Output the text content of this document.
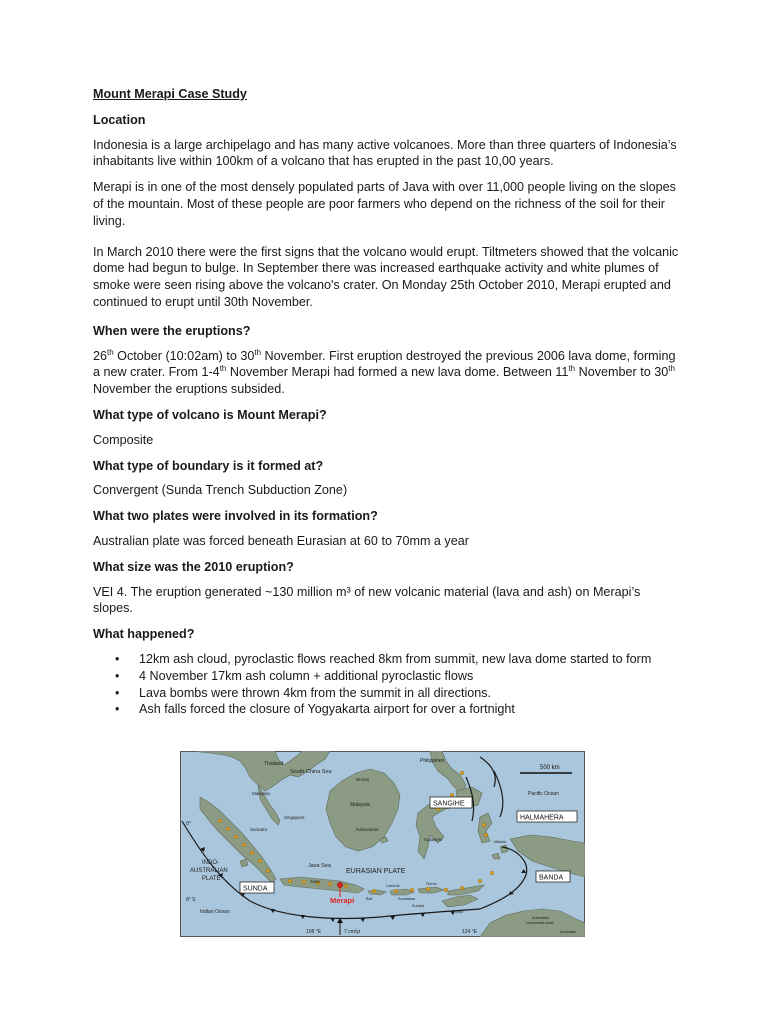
Mount Merapi Case Study
Location

Indonesia is a large archipelago and has many active volcanoes. More than three quarters of Indonesia’s inhabitants live within 100km of a volcano that has erupted in the past 10,00 years.

Merapi is in one of the most densely populated parts of Java with over 11,000 people living on the slopes of the mountain. Most of these people are poor farmers who depend on the richness of the soil for their living.

In March 2010 there were the first signs that the volcano would erupt. Tiltmeters showed that the volcanic dome had begun to bulge. In September there was increased earthquake activity and white plumes of smoke were seen rising above the volcano's crater. On Monday 25th October 2010, Merapi erupted and continued to erupt until 30th November.

When were the eruptions?

26th October (10:02am) to 30th November. First eruption destroyed the previous 2006 lava dome, forming a new crater. From 1-4th November Merapi had formed a new lava dome. Between 11th November to 30th November the eruptions subsided.

What type of volcano is Mount Merapi?

Composite

What type of boundary is it formed at?

Convergent (Sunda Trench Subduction Zone)

What two plates were involved in its formation?

Australian plate was forced beneath Eurasian at 60 to 70mm a year

What size was the 2010 eruption?

VEI 4. The eruption generated ~130 million m³ of new volcanic material (lava and ash) on Merapi’s slopes.

What happened?
• 12km ash cloud, pyroclastic flows reached 8km from summit, new lava dome started to form
• 4 November 17km ash column + additional pyroclastic flows
• Lava bombs were thrown 4km from the summit in all directions.
• Ash falls forced the closure of Yogyakarta airport for over a fortnight
500 km
SANGIHE
HALMAHERA
SUNDA
BANDA
Thailand
South China Sea
Philippines
Malaysia
Brunei
Singapore
Malaysia
Sumatra	Kalimantan
Sulawesi
Pacific Ocean
Java Sea
Java
EURASIAN PLATE
INDO-
AUSTRALIAN
PLATE
Indian Ocean
Merapi
0°
8° S
108 °E	124 °E
7 cm/yr
Bali
Lombok
Sumbawa
Flores
Sumba
Timor
Maluku
Australian
continental shelf
Australia
